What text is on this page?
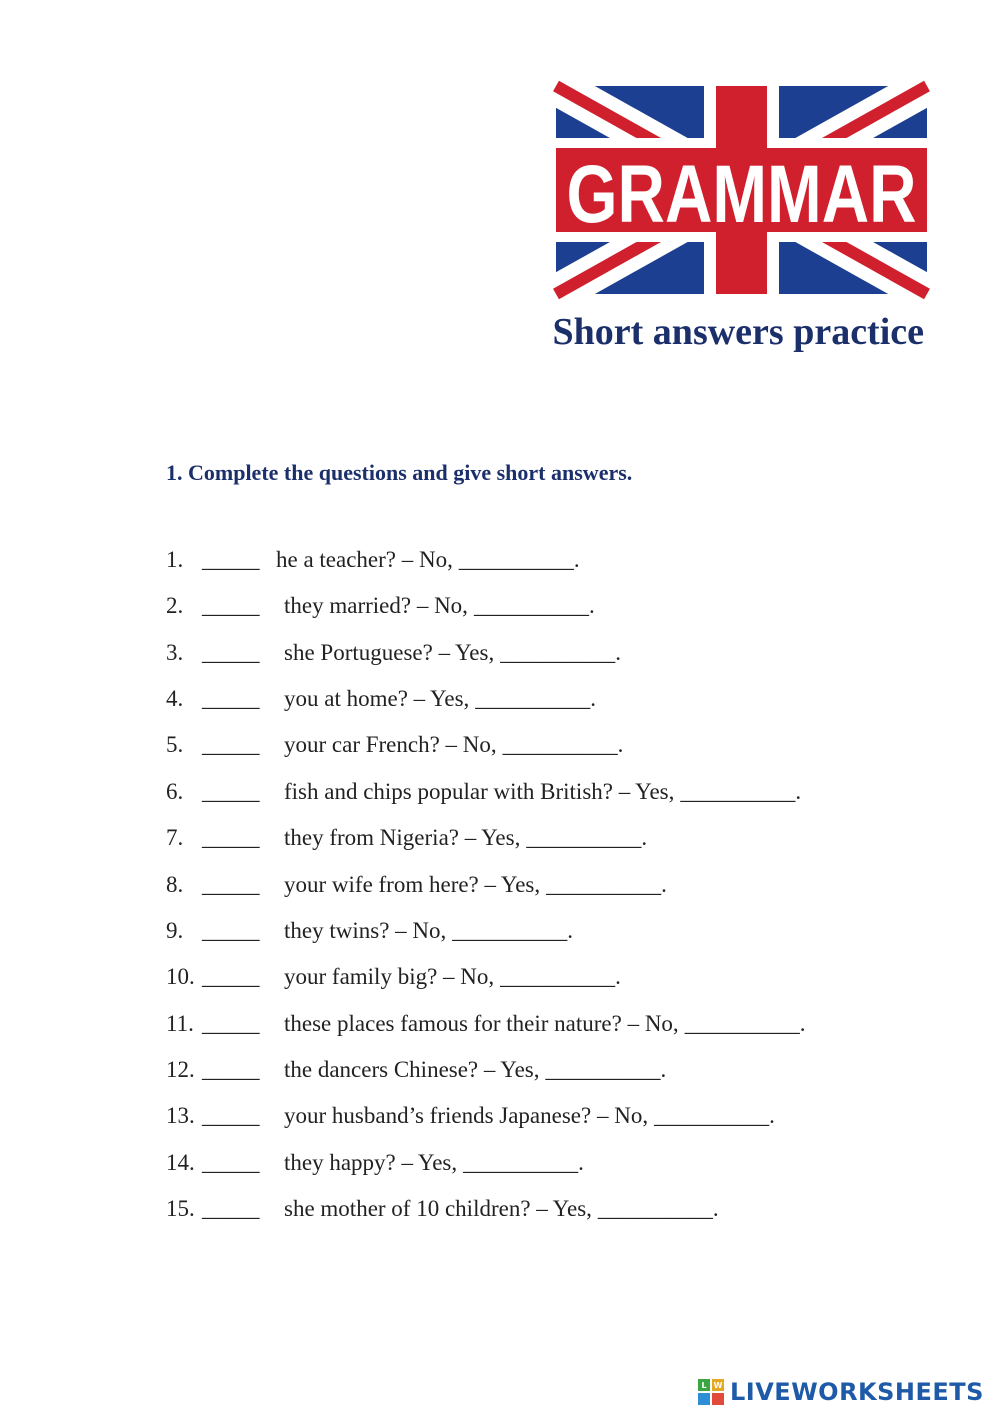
GRAMMAR
Short answers practice
1. Complete the questions and give short answers.
1. _____ he a teacher? – No, __________ .
2. _____	they married? – No, __________ .
3. _____	she Portuguese? – Yes, __________ .
4. _____	you at home? – Yes, __________ .
5. _____	your car French? – No, __________ .
6. _____	fish and chips popular with British? – Yes, __________ .
7. _____	they from Nigeria? – Yes, __________ .
8. _____	your wife from here? – Yes, __________ .
9. _____	they twins? – No, __________ .
10. _____	your family big? – No, __________ .
11. _____	these places famous for their nature? – No, __________ .
12. _____	the dancers Chinese? – Yes, __________ .
13. _____	your husband’s friends Japanese? – No, __________ .
14. _____	they happy? – Yes, __________ .
15. _____	she mother of 10 children? – Yes, __________ .
L W LIVEWORKSHEETS
